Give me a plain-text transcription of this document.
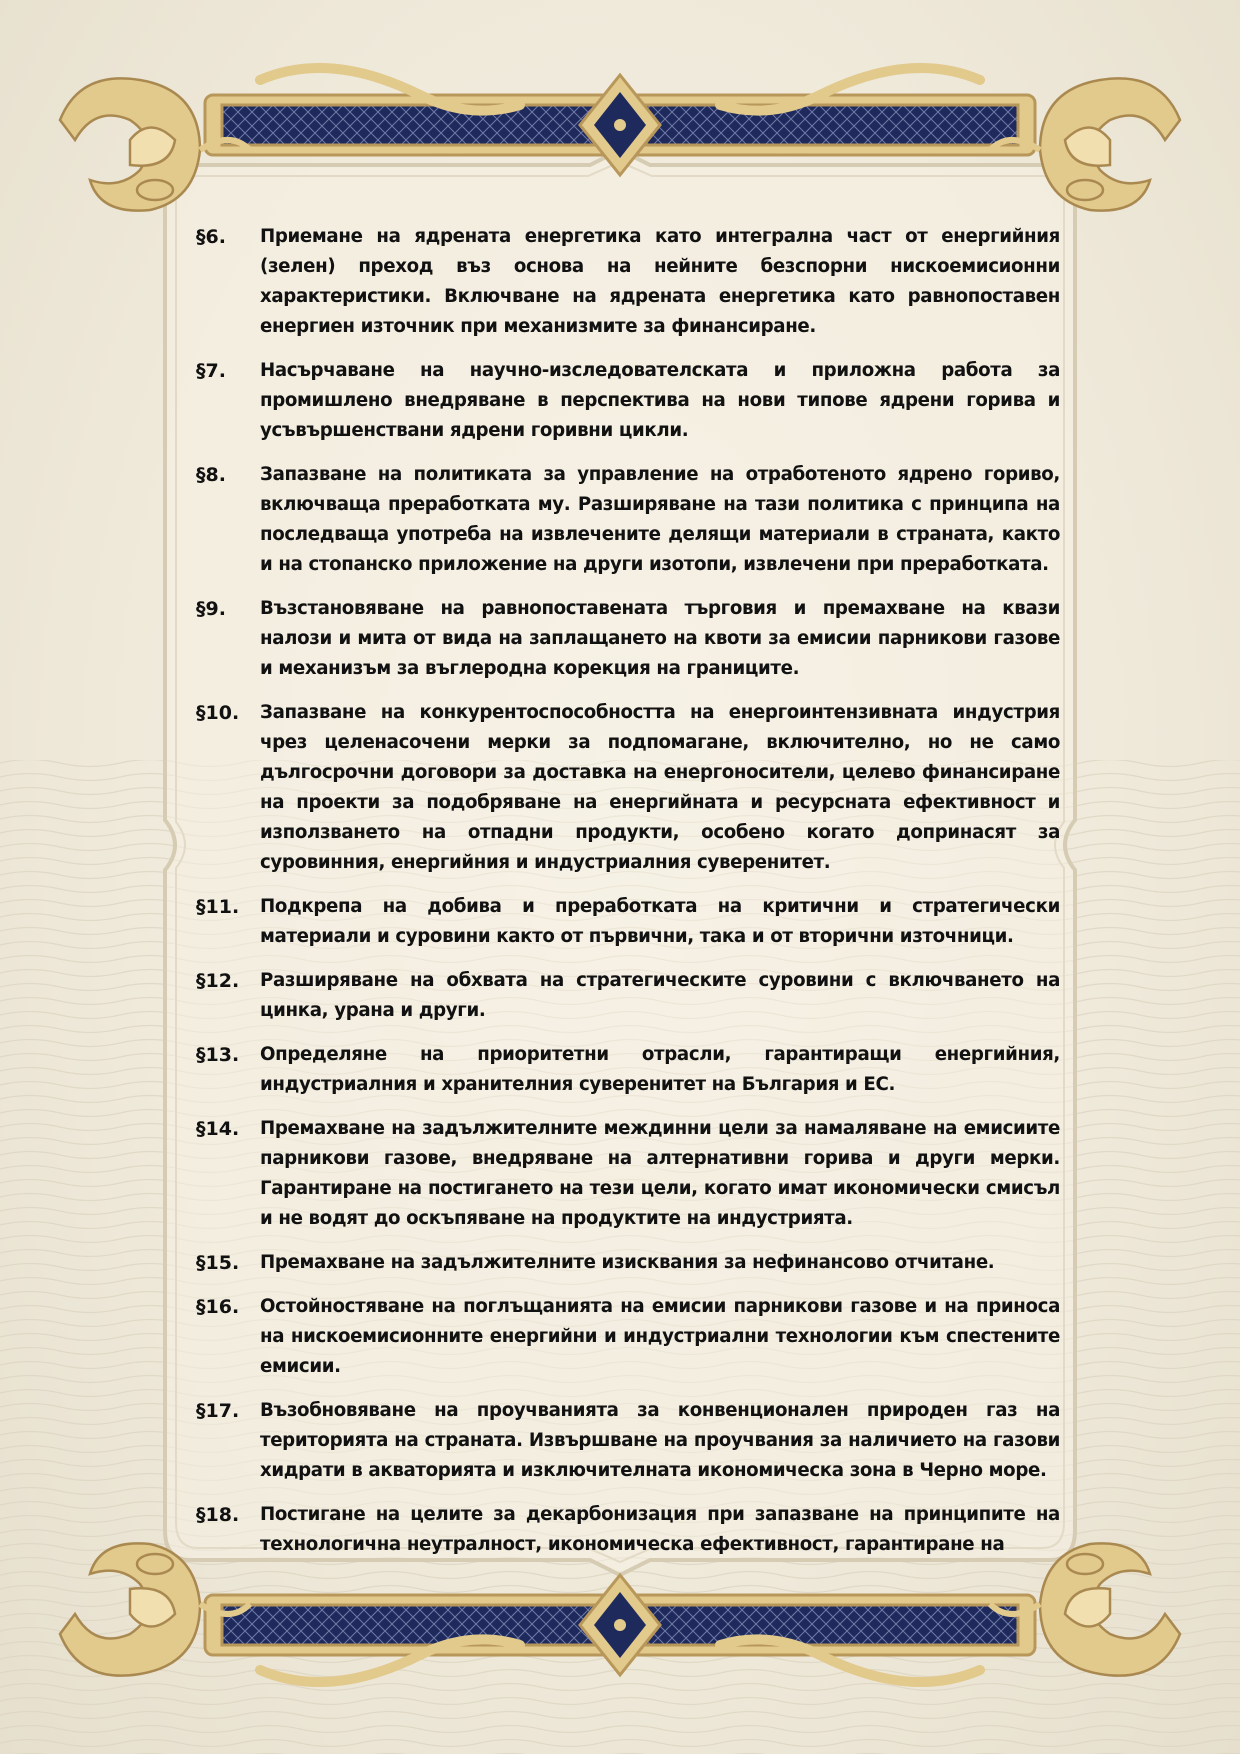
§6.	Приемане на ядрената енергетика като интегрална част от енергийния (зелен) преход въз основа на нейните безспорни нискоемисионни характеристики. Включване на ядрената енергетика като равнопоставен енергиен източник при механизмите за финансиране.
§7.	Насърчаване на научно-изследователската и приложна работа за промишлено внедряване в перспектива на нови типове ядрени горива и усъвършенствани ядрени горивни цикли.
§8.	Запазване на политиката за управление на отработеното ядрено гориво, включваща преработката му. Разширяване на тази политика с принципа на последваща употреба на извлечените делящи материали в страната, както и на стопанско приложение на други изотопи, извлечени при преработката.
§9.	Възстановяване на равнопоставената търговия и премахване на квази налози и мита от вида на заплащането на квоти за емисии парникови газове и механизъм за въглеродна корекция на границите.
§10.	Запазване на конкурентоспособността на енергоинтензивната индустрия чрез целенасочени мерки за подпомагане, включително, но не само дългосрочни договори за доставка на енергоносители, целево финансиране на проекти за подобряване на енергийната и ресурсната ефективност и използването на отпадни продукти, особено когато допринасят за суровинния, енергийния и индустриалния суверенитет.
§11.	Подкрепа на добива и преработката на критични и стратегически материали и суровини както от първични, така и от вторични източници.
§12.	Разширяване на обхвата на стратегическите суровини с включването на цинка, урана и други.
§13.	Определяне на приоритетни отрасли, гарантиращи енергийния, индустриалния и хранителния суверенитет на България и ЕС.
§14.	Премахване на задължителните междинни цели за намаляване на емисиите парникови газове, внедряване на алтернативни горива и други мерки. Гарантиране на постигането на тези цели, когато имат икономически смисъл и не водят до оскъпяване на продуктите на индустрията.
§15.	Премахване на задължителните изисквания за нефинансово отчитане.
§16.	Остойностяване на поглъщанията на емисии парникови газове и на приноса на нискоемисионните енергийни и индустриални технологии към спестените емисии.
§17.	Възобновяване на проучванията за конвенционален природен газ на територията на страната. Извършване на проучвания за наличието на газови хидрати в акваторията и изключителната икономическа зона в Черно море.
§18.	Постигане на целите за декарбонизация при запазване на принципите на технологична неутралност, икономическа ефективност, гарантиране на
